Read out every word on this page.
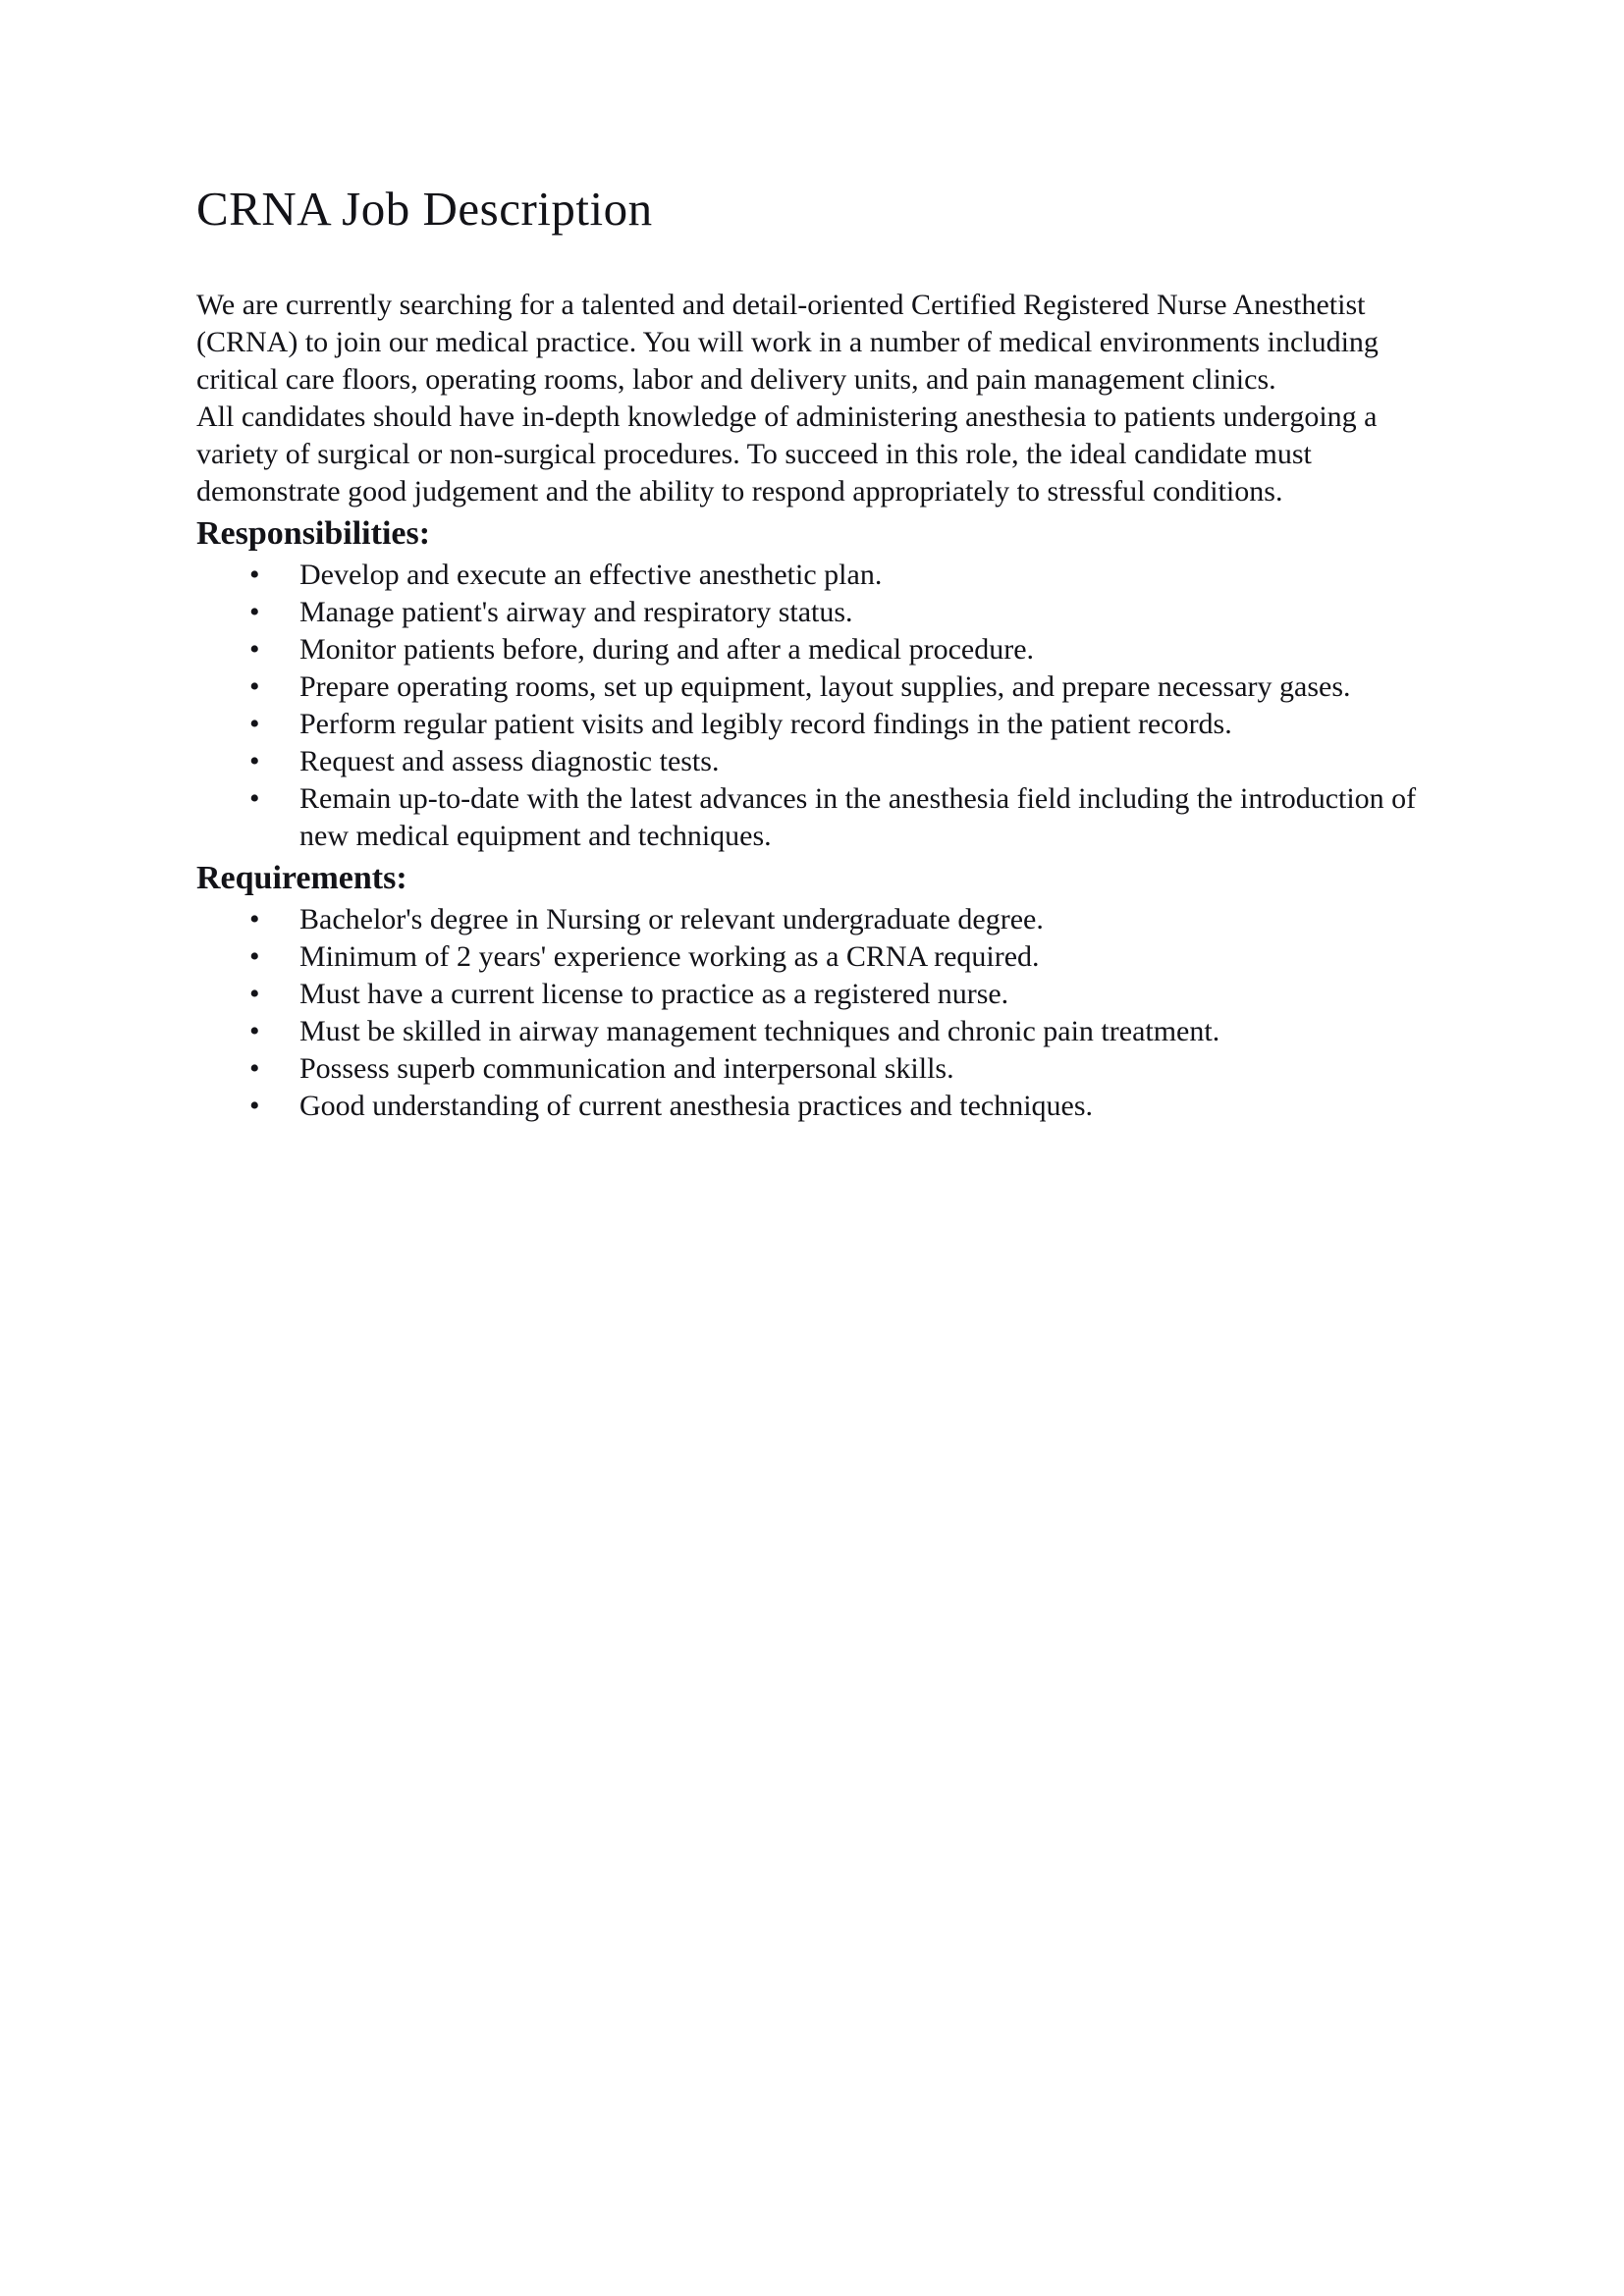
CRNA Job Description

We are currently searching for a talented and detail-oriented Certified Registered Nurse Anesthetist (CRNA) to join our medical practice. You will work in a number of medical environments including critical care floors, operating rooms, labor and delivery units, and pain management clinics.

All candidates should have in-depth knowledge of administering anesthesia to patients undergoing a variety of surgical or non-surgical procedures. To succeed in this role, the ideal candidate must demonstrate good judgement and the ability to respond appropriately to stressful conditions.

Responsibilities:
• Develop and execute an effective anesthetic plan.
• Manage patient's airway and respiratory status.
• Monitor patients before, during and after a medical procedure.
• Prepare operating rooms, set up equipment, layout supplies, and prepare necessary gases.
• Perform regular patient visits and legibly record findings in the patient records.
• Request and assess diagnostic tests.
• Remain up-to-date with the latest advances in the anesthesia field including the introduction of new medical equipment and techniques.
Requirements:
• Bachelor's degree in Nursing or relevant undergraduate degree.
• Minimum of 2 years' experience working as a CRNA required.
• Must have a current license to practice as a registered nurse.
• Must be skilled in airway management techniques and chronic pain treatment.
• Possess superb communication and interpersonal skills.
• Good understanding of current anesthesia practices and techniques.
